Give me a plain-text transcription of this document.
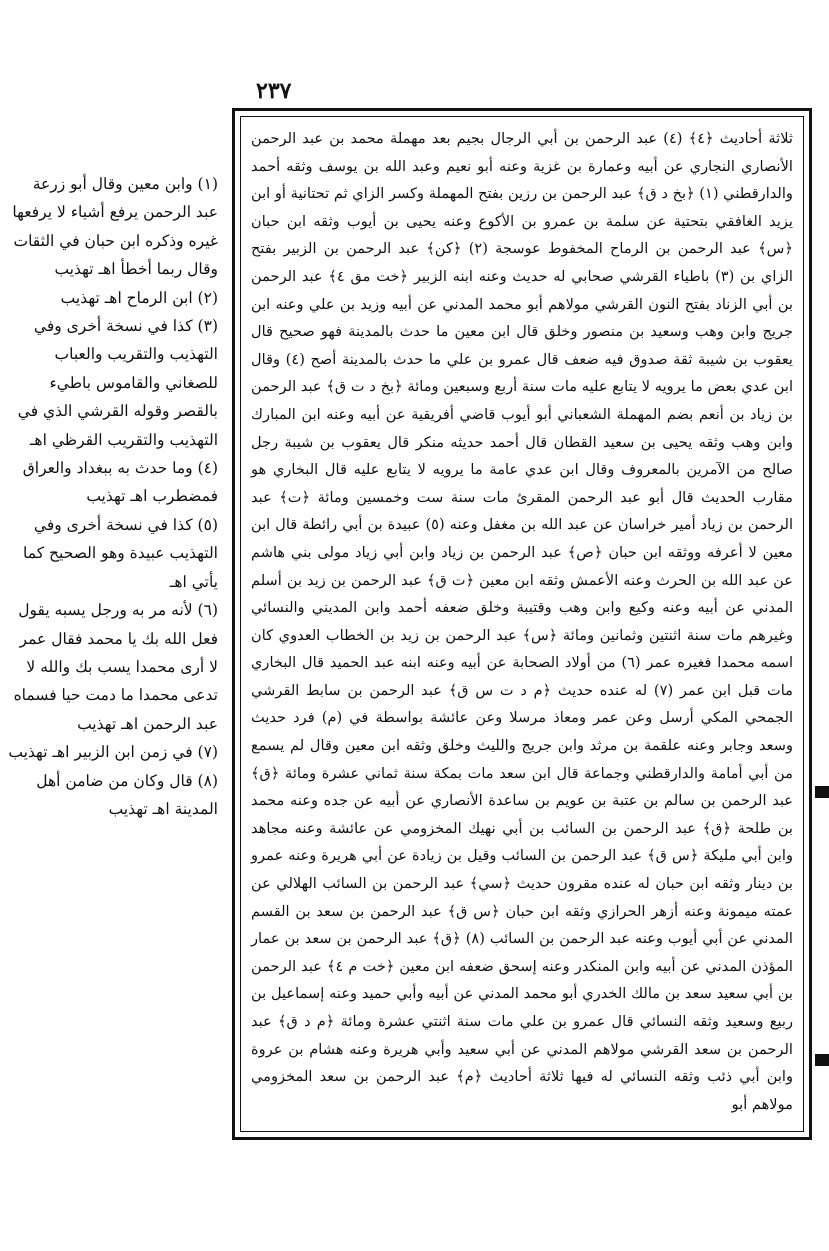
٢٣٧

ثلاثة أحاديث ﴿٤﴾ (٤) عبد الرحمن بن أبي الرجال بجيم بعد مهملة محمد بن عبد الرحمن الأنصاري النجاري عن أبيه وعمارة بن غزية وعنه أبو نعيم وعبد الله بن يوسف وثقه أحمد والدارقطني (١) ﴿بخ د ق﴾ عبد الرحمن بن رزين بفتح المهملة وكسر الزاي ثم تحتانية أو ابن يزيد الغافقي بتحتية عن سلمة بن عمرو بن الأكوع وعنه يحيى بن أيوب وثقه ابن حبان ﴿س﴾ عبد الرحمن بن الرماح المخفوط عوسجة (٢) ﴿كن﴾ عبد الرحمن بن الزبير بفتح الزاي بن (٣) باطياء القرشي صحابي له حديث وعنه ابنه الزبير ﴿خت مق ٤﴾ عبد الرحمن بن أبي الزناد بفتح النون القرشي مولاهم أبو محمد المدني عن أبيه وزيد بن علي وعنه ابن جريج وابن وهب وسعيد بن منصور وخلق قال ابن معين ما حدث بالمدينة فهو صحيح قال يعقوب بن شيبة ثقة صدوق فيه ضعف قال عمرو بن علي ما حدث بالمدينة أصح (٤) وقال ابن عدي بعض ما يرويه لا يتابع عليه مات سنة أربع وسبعين ومائة ﴿بخ د ت ق﴾ عبد الرحمن بن زياد بن أنعم بضم المهملة الشعباني أبو أيوب قاضي أفريقية عن أبيه وعنه ابن المبارك وابن وهب وثقه يحيى بن سعيد القطان قال أحمد حديثه منكر قال يعقوب بن شيبة رجل صالح من الآمرين بالمعروف وقال ابن عدي عامة ما يرويه لا يتابع عليه قال البخاري هو مقارب الحديث قال أبو عبد الرحمن المقرئ مات سنة ست وخمسين ومائة ﴿ت﴾ عبد الرحمن بن زياد أمير خراسان عن عبد الله بن مغفل وعنه (٥) عبيدة بن أبي رائطة قال ابن معين لا أعرفه ووثقه ابن حبان ﴿ص﴾ عبد الرحمن بن زياد وابن أبي زياد مولى بني هاشم عن عبد الله بن الحرث وعنه الأعمش وثقه ابن معين ﴿ت ق﴾ عبد الرحمن بن زيد بن أسلم المدني عن أبيه وعنه وكيع وابن وهب وقتيبة وخلق ضعفه أحمد وابن المديني والنسائي وغيرهم مات سنة اثنتين وثمانين ومائة ﴿س﴾ عبد الرحمن بن زيد بن الخطاب العدوي كان اسمه محمدا فغيره عمر (٦) من أولاد الصحابة عن أبيه وعنه ابنه عبد الحميد قال البخاري مات قبل ابن عمر (٧) له عنده حديث ﴿م د ت س ق﴾ عبد الرحمن بن سابط القرشي الجمحي المكي أرسل وعن عمر ومعاذ مرسلا وعن عائشة بواسطة في (م) فرد حديث وسعد وجابر وعنه علقمة بن مرثد وابن جريج والليث وخلق وثقه ابن معين وقال لم يسمع من أبي أمامة والدارقطني وجماعة قال ابن سعد مات بمكة سنة ثماني عشرة ومائة ﴿ق﴾ عبد الرحمن بن سالم بن عتبة بن عويم بن ساعدة الأنصاري عن أبيه عن جده وعنه محمد بن طلحة ﴿ق﴾ عبد الرحمن بن السائب بن أبي نهيك المخزومي عن عائشة وعنه مجاهد وابن أبي مليكة ﴿س ق﴾ عبد الرحمن بن السائب وقيل بن زيادة عن أبي هريرة وعنه عمرو بن دينار وثقه ابن حبان له عنده مقرون حديث ﴿سي﴾ عبد الرحمن بن السائب الهلالي عن عمته ميمونة وعنه أزهر الحرازي وثقه ابن حبان ﴿س ق﴾ عبد الرحمن بن سعد بن القسم المدني عن أبي أيوب وعنه عبد الرحمن بن السائب (٨) ﴿ق﴾ عبد الرحمن بن سعد بن عمار المؤذن المدني عن أبيه وابن المنكدر وعنه إسحق ضعفه ابن معين ﴿خت م ٤﴾ عبد الرحمن بن أبي سعيد سعد بن مالك الخدري أبو محمد المدني عن أبيه وأبي حميد وعنه إسماعيل بن ربيع وسعيد وثقه النسائي قال عمرو بن علي مات سنة اثنتي عشرة ومائة ﴿م د ق﴾ عبد الرحمن بن سعد القرشي مولاهم المدني عن أبي سعيد وأبي هريرة وعنه هشام بن عروة وابن أبي ذئب وثقه النسائي له فيها ثلاثة أحاديث ﴿م﴾ عبد الرحمن بن سعد المخزومي مولاهم أبو

(١) وابن معين وقال أبو زرعة عبد الرحمن يرفع أشياء لا يرفعها غيره وذكره ابن حبان في الثقات وقال ربما أخطأ اهـ تهذيب

(٢) ابن الرماح اهـ تهذيب

(٣) كذا في نسخة أخرى وفي التهذيب والتقريب والعباب للصغاني والقاموس باطيء بالقصر وقوله القرشي الذي في التهذيب والتقريب القرظي اهـ

(٤) وما حدث به ببغداد والعراق فمضطرب اهـ تهذيب

(٥) كذا في نسخة أخرى وفي التهذيب عبيدة وهو الصحيح كما يأتي اهـ

(٦) لأنه مر به ورجل يسبه يقول فعل الله بك يا محمد فقال عمر لا أرى محمدا يسب بك والله لا تدعى محمدا ما دمت حيا فسماه عبد الرحمن اهـ تهذيب

(٧) في زمن ابن الزبير اهـ تهذيب

(٨) قال وكان من ضامن أهل المدينة اهـ تهذيب
